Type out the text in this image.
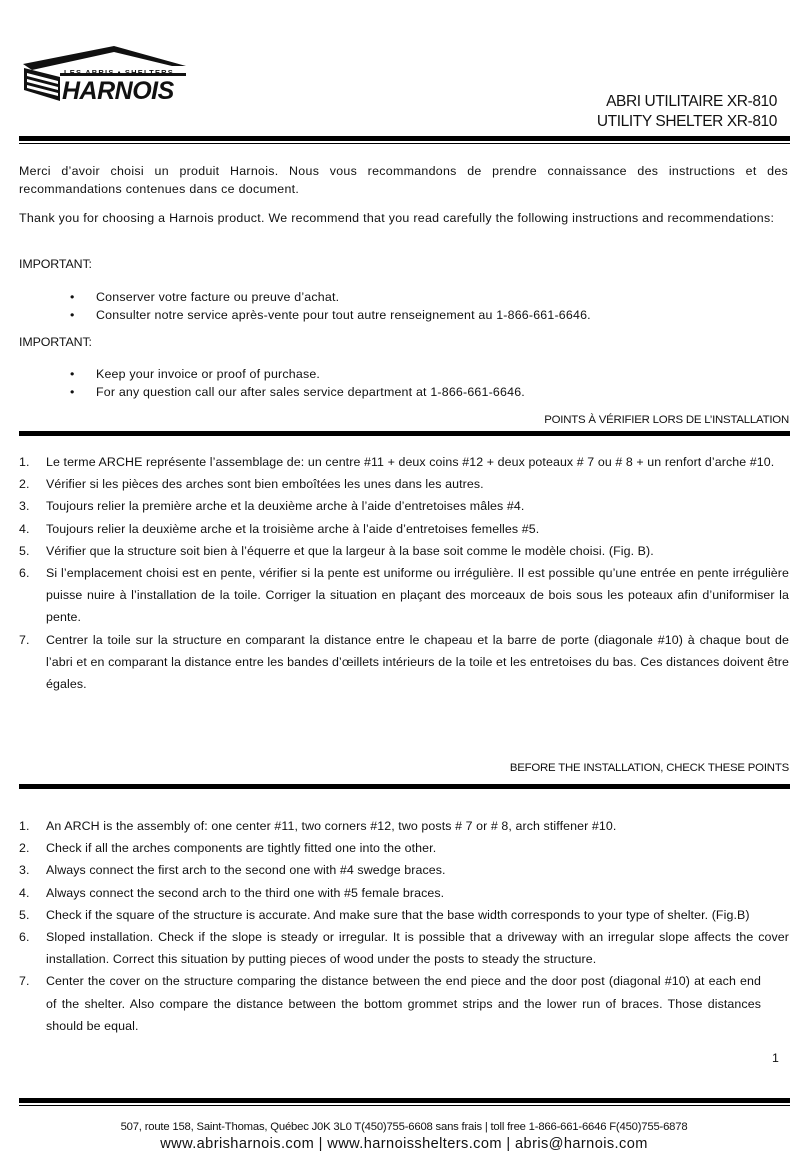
LES ABRIS • SHELTERS
HARNOIS	ABRI UTILITAIRE XR-810
UTILITY SHELTER XR-810
Merci d’avoir choisi un produit Harnois. Nous vous recommandons de prendre connaissance des instructions et des recommandations contenues dans ce document.
Thank you for choosing a Harnois product. We recommend that you read carefully the following instructions and recommendations:
IMPORTANT:
• Conserver votre facture ou preuve d’achat.
• Consulter notre service après-vente pour tout autre renseignement au 1-866-661-6646.
IMPORTANT:
• Keep your invoice or proof of purchase.
• For any question call our after sales service department at 1-866-661-6646.
POINTS À VÉRIFIER LORS DE L’INSTALLATION
1. Le terme ARCHE représente l’assemblage de: un centre #11 + deux coins #12 + deux poteaux # 7 ou # 8 + un renfort d’arche #10.
2. Vérifier si les pièces des arches sont bien emboîtées les unes dans les autres.
3. Toujours relier la première arche et la deuxième arche à l’aide d’entretoises mâles #4.
4. Toujours relier la deuxième arche et la troisième arche à l’aide d’entretoises femelles #5.
5. Vérifier que la structure soit bien à l’équerre et que la largeur à la base soit comme le modèle choisi. (Fig. B).
6. Si l’emplacement choisi est en pente, vérifier si la pente est uniforme ou irrégulière. Il est possible qu’une entrée en pente irrégulière puisse nuire à l’installation de la toile. Corriger la situation en plaçant des morceaux de bois sous les poteaux afin d’uniformiser la pente.
7. Centrer la toile sur la structure en comparant la distance entre le chapeau et la barre de porte (diagonale #10) à chaque bout de l’abri et en comparant la distance entre les bandes d’œillets intérieurs de la toile et les entretoises du bas. Ces distances doivent être égales.
BEFORE THE INSTALLATION, CHECK THESE POINTS
1. An ARCH is the assembly of: one center #11, two corners #12, two posts # 7 or # 8, arch stiffener #10.
2. Check if all the arches components are tightly fitted one into the other.
3. Always connect the first arch to the second one with #4 swedge braces.
4. Always connect the second arch to the third one with #5 female braces.
5. Check if the square of the structure is accurate. And make sure that the base width corresponds to your type of shelter. (Fig.B)
6. Sloped installation. Check if the slope is steady or irregular. It is possible that a driveway with an irregular slope affects the cover installation. Correct this situation by putting pieces of wood under the posts to steady the structure.
7. Center the cover on the structure comparing the distance between the end piece and the door post (diagonal #10) at each end of the shelter. Also compare the distance between the bottom grommet strips and the lower run of braces. Those distances should be equal.
1
507, route 158, Saint-Thomas, Québec J0K 3L0 T(450)755-6608 sans frais | toll free 1-866-661-6646 F(450)755-6878
www.abrisharnois.com | www.harnoisshelters.com | abris@harnois.com
